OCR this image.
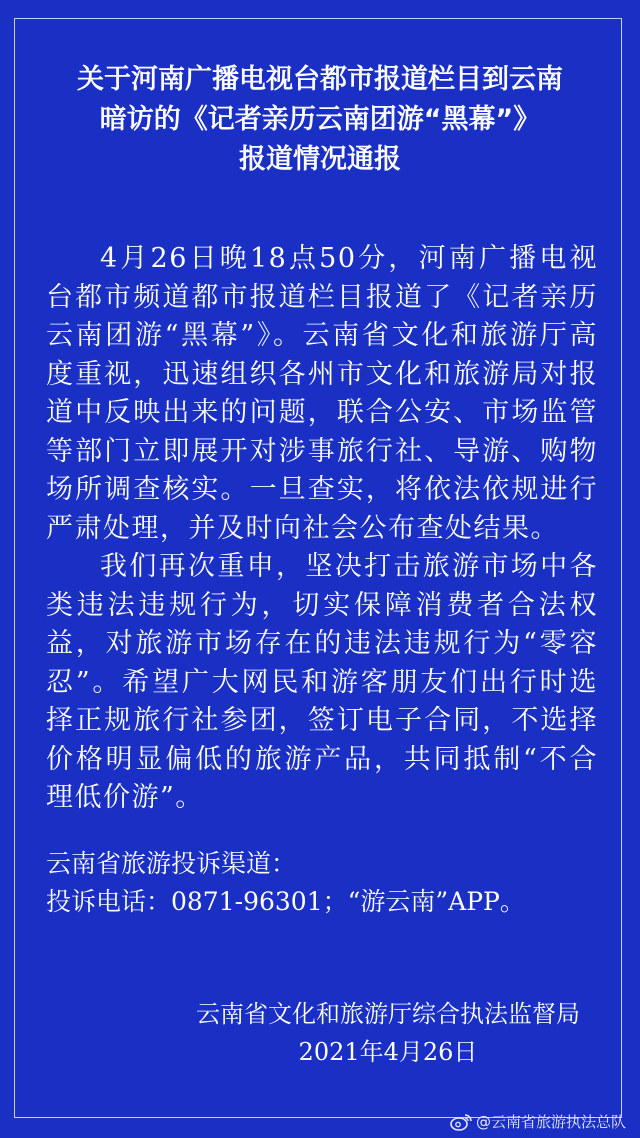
关于河南广播电视台都市报道栏目到云南
暗访的《记者亲历云南团游“黑幕”》
报道情况通报

4月26日晚18点50分，河南广播电视台都市频道都市报道栏目报道了《记者亲历云南团游“黑幕”》。云南省文化和旅游厅高度重视，迅速组织各州市文化和旅游局对报道中反映出来的问题，联合公安、市场监管等部门立即展开对涉事旅行社、导游、购物场所调查核实。一旦查实，将依法依规进行严肃处理，并及时向社会公布查处结果。

我们再次重申，坚决打击旅游市场中各类违法违规行为，切实保障消费者合法权益，对旅游市场存在的违法违规行为“零容忍”。希望广大网民和游客朋友们出行时选择正规旅行社参团，签订电子合同，不选择价格明显偏低的旅游产品，共同抵制“不合理低价游”。

云南省旅游投诉渠道：
投诉电话：0871-96301；“游云南”APP。
云南省文化和旅游厅综合执法监督局
2021年4月26日
@云南省旅游执法总队
